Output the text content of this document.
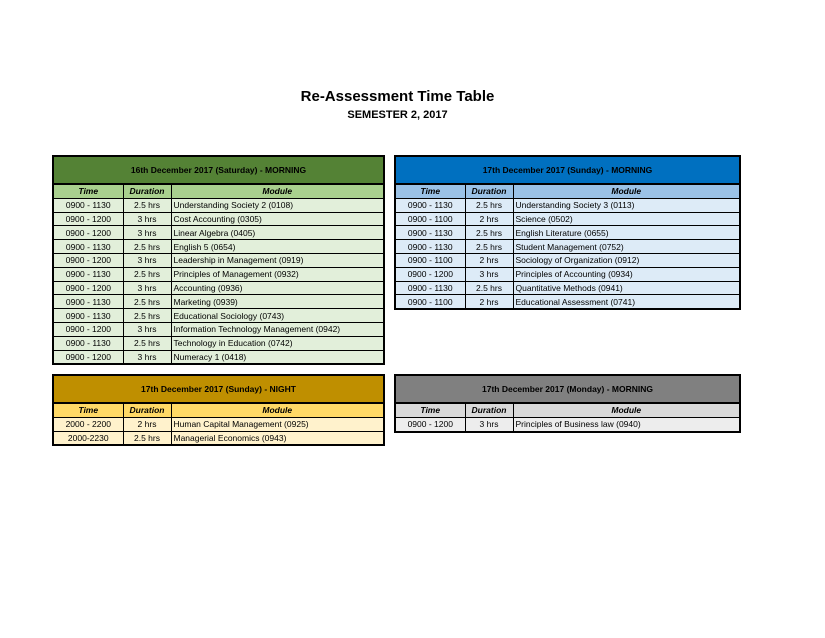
Re-Assessment Time Table
SEMESTER 2, 2017
16th December 2017 (Saturday) - MORNING		
Time	Duration	Module
0900 - 1130	2.5 hrs	Understanding Society 2 (0108)
0900 - 1200	3 hrs	Cost Accounting (0305)
0900 - 1200	3 hrs	Linear Algebra (0405)
0900 - 1130	2.5 hrs	English 5 (0654)
0900 - 1200	3 hrs	Leadership in Management (0919)
0900 - 1130	2.5 hrs	Principles of Management (0932)
0900 - 1200	3 hrs	Accounting (0936)
0900 - 1130	2.5 hrs	Marketing (0939)
0900 - 1130	2.5 hrs	Educational Sociology (0743)
0900 - 1200	3 hrs	Information Technology Management (0942)
0900 - 1130	2.5 hrs	Technology in Education (0742)
0900 - 1200	3 hrs	Numeracy 1 (0418)
17th December 2017 (Sunday) - MORNING		
Time	Duration	Module
0900 - 1130	2.5 hrs	Understanding Society 3 (0113)
0900 - 1100	2 hrs	Science (0502)
0900 - 1130	2.5 hrs	English Literature (0655)
0900 - 1130	2.5 hrs	Student Management (0752)
0900 - 1100	2 hrs	Sociology of Organization (0912)
0900 - 1200	3 hrs	Principles of Accounting (0934)
0900 - 1130	2.5 hrs	Quantitative Methods (0941)
0900 - 1100	2 hrs	Educational Assessment (0741)
17th December 2017 (Sunday) - NIGHT		
Time	Duration	Module
2000 - 2200	2 hrs	Human Capital Management (0925)
2000-2230	2.5 hrs	Managerial Economics (0943)
17th December 2017 (Monday) - MORNING		
Time	Duration	Module
0900 - 1200	3 hrs	Principles of Business law (0940)
